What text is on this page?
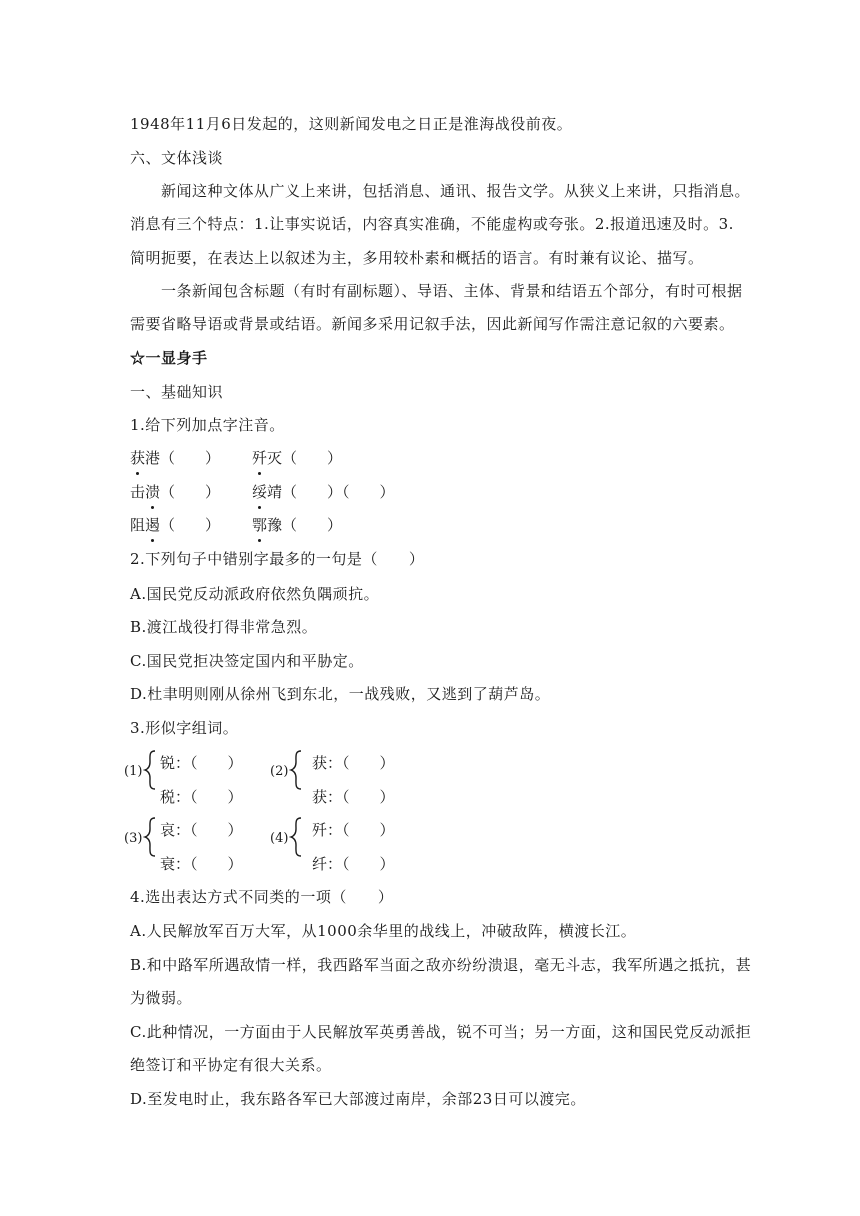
1948年11月6日发起的，这则新闻发电之日正是淮海战役前夜。
六、文体浅谈
新闻这种文体从广义上来讲，包括消息、通讯、报告文学。从狭义上来讲，只指消息。
消息有三个特点：1.让事实说话，内容真实准确，不能虚构或夸张。2.报道迅速及时。3.
简明扼要，在表达上以叙述为主，多用较朴素和概括的语言。有时兼有议论、描写。
一条新闻包含标题（有时有副标题）、导语、主体、背景和结语五个部分，有时可根据
需要省略导语或背景或结语。新闻多采用记叙手法，因此新闻写作需注意记叙的六要素。
☆一显身手
一、基础知识
1.给下列加点字注音。
获港（　　） 歼灭（　　）
击溃（　　） 绥靖（　　）（　　）
阻遏（　　） 鄂豫（　　）
2.下列句子中错别字最多的一句是（　　）
A.国民党反动派政府依然负隅顽抗。
B.渡江战役打得非常急烈。
C.国民党拒决签定国内和平胁定。
D.杜聿明则刚从徐州飞到东北，一战残败，又逃到了葫芦岛。
3.形似字组词。
(1) 锐：（　　）
税：（　　）
(2) 获：（　　）
获：（　　）
(3) 哀：（　　）
衰：（　　）
(4) 歼：（　　）
纤：（　　）
4.选出表达方式不同类的一项（　　）
A.人民解放军百万大军，从1000余华里的战线上，冲破敌阵，横渡长江。
B.和中路军所遇敌情一样，我西路军当面之敌亦纷纷溃退，毫无斗志，我军所遇之抵抗，甚
为微弱。
C.此种情况，一方面由于人民解放军英勇善战，锐不可当；另一方面，这和国民党反动派拒
绝签订和平协定有很大关系。
D.至发电时止，我东路各军已大部渡过南岸，余部23日可以渡完。
